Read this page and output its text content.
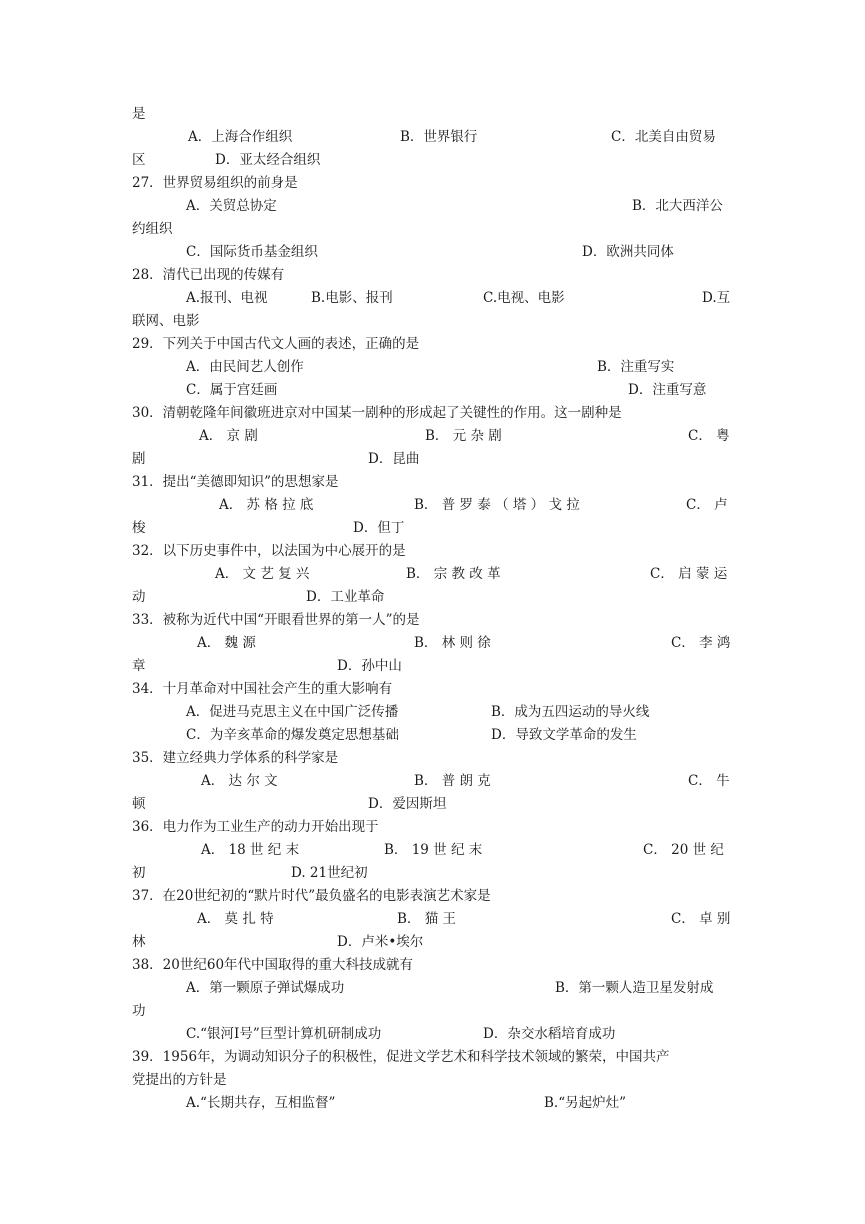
是
A．上海合作组织	B．世界银行	C．北美自由贸易
区	D．亚太经合组织
27．世界贸易组织的前身是
A．关贸总协定	B．北大西洋公
约组织
C．国际货币基金组织	D．欧洲共同体
28．清代已出现的传媒有
A.报刊、电视	B.电影、报刊	C.电视、电影	D.互
联网、电影
29．下列关于中国古代文人画的表述，正确的是
A．由民间艺人创作	B．注重写实
C．属于宫廷画	D．注重写意
30．清朝乾隆年间徽班进京对中国某一剧种的形成起了关键性的作用。这一剧种是
A． 京 剧	B． 元 杂 剧	C． 粤
剧	D．昆曲
31．提出“美德即知识”的思想家是
A． 苏 格 拉 底	B． 普 罗 泰 （ 塔 ） 戈 拉	C． 卢
梭	D．但丁
32．以下历史事件中，以法国为中心展开的是
A． 文 艺 复 兴	B． 宗 教 改 革	C． 启 蒙 运
动	D．工业革命
33．被称为近代中国“开眼看世界的第一人”的是
A． 魏 源	B． 林 则 徐	C． 李 鸿
章	D．孙中山
34．十月革命对中国社会产生的重大影响有
A．促进马克思主义在中国广泛传播	B．成为五四运动的导火线
C．为辛亥革命的爆发奠定思想基础	D．导致文学革命的发生
35．建立经典力学体系的科学家是
A． 达 尔 文	B． 普 朗 克	C． 牛
顿	D．爱因斯坦
36．电力作为工业生产的动力开始出现于
A． 18 世 纪 末	B． 19 世 纪 末	C． 20 世 纪
初	D. 21世纪初
37．在20世纪初的“默片时代”最负盛名的电影表演艺术家是
A． 莫 扎 特	B． 猫 王	C． 卓 别
林	D．卢米•埃尔
38．20世纪60年代中国取得的重大科技成就有
A．第一颗原子弹试爆成功	B．第一颗人造卫星发射成
功
C.“银河Ⅰ号”巨型计算机研制成功	D．杂交水稻培育成功
39．1956年，为调动知识分子的积极性，促进文学艺术和科学技术领域的繁荣，中国共产
党提出的方针是
A.“长期共存，互相监督”	B.“另起炉灶”
